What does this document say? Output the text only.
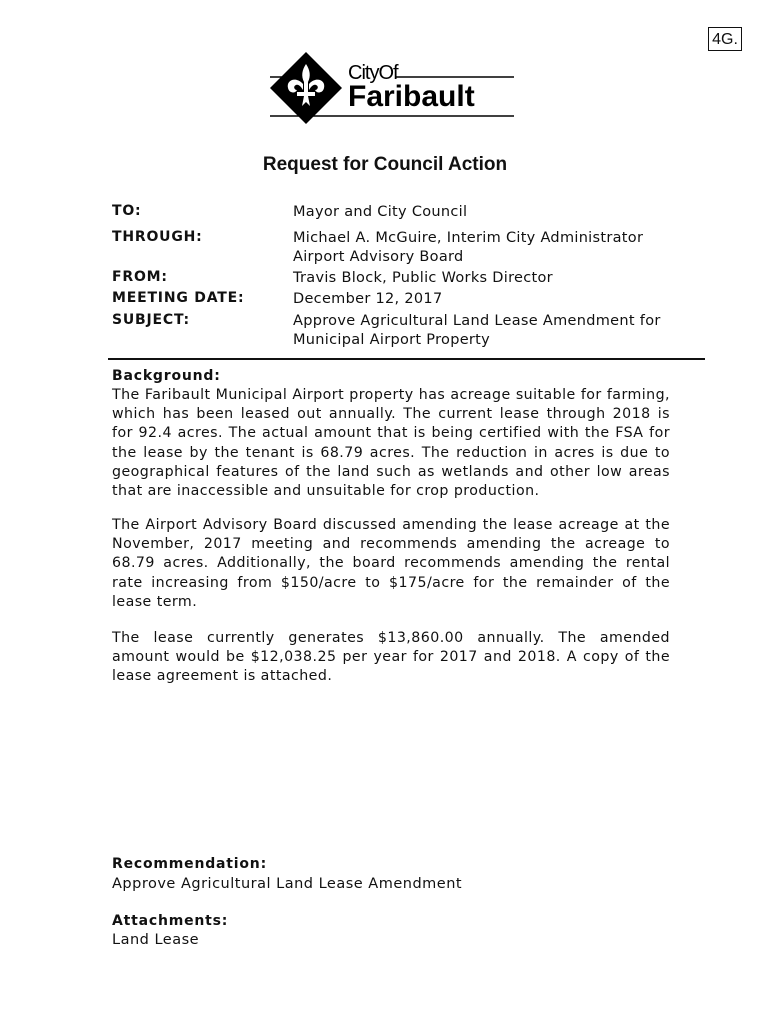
4G.
CityOf
Faribault
Request for Council Action
TO:	Mayor and City Council
THROUGH:	Michael A. McGuire, Interim City Administrator
Airport Advisory Board
FROM:	Travis Block, Public Works Director
MEETING DATE:	December 12, 2017
SUBJECT:	Approve Agricultural Land Lease Amendment for
Municipal Airport Property
Background:

The Faribault Municipal Airport property has acreage suitable for farming, which has been leased out annually. The current lease through 2018 is for 92.4 acres. The actual amount that is being certified with the FSA for the lease by the tenant is 68.79 acres. The reduction in acres is due to geographical features of the land such as wetlands and other low areas that are inaccessible and unsuitable for crop production.

The Airport Advisory Board discussed amending the lease acreage at the November, 2017 meeting and recommends amending the acreage to 68.79 acres. Additionally, the board recommends amending the rental rate increasing from $150/acre to $175/acre for the remainder of the lease term.

The lease currently generates $13,860.00 annually. The amended amount would be $12,038.25 per year for 2017 and 2018. A copy of the lease agreement is attached.

Recommendation:
Approve Agricultural Land Lease Amendment
Attachments:
Land Lease
